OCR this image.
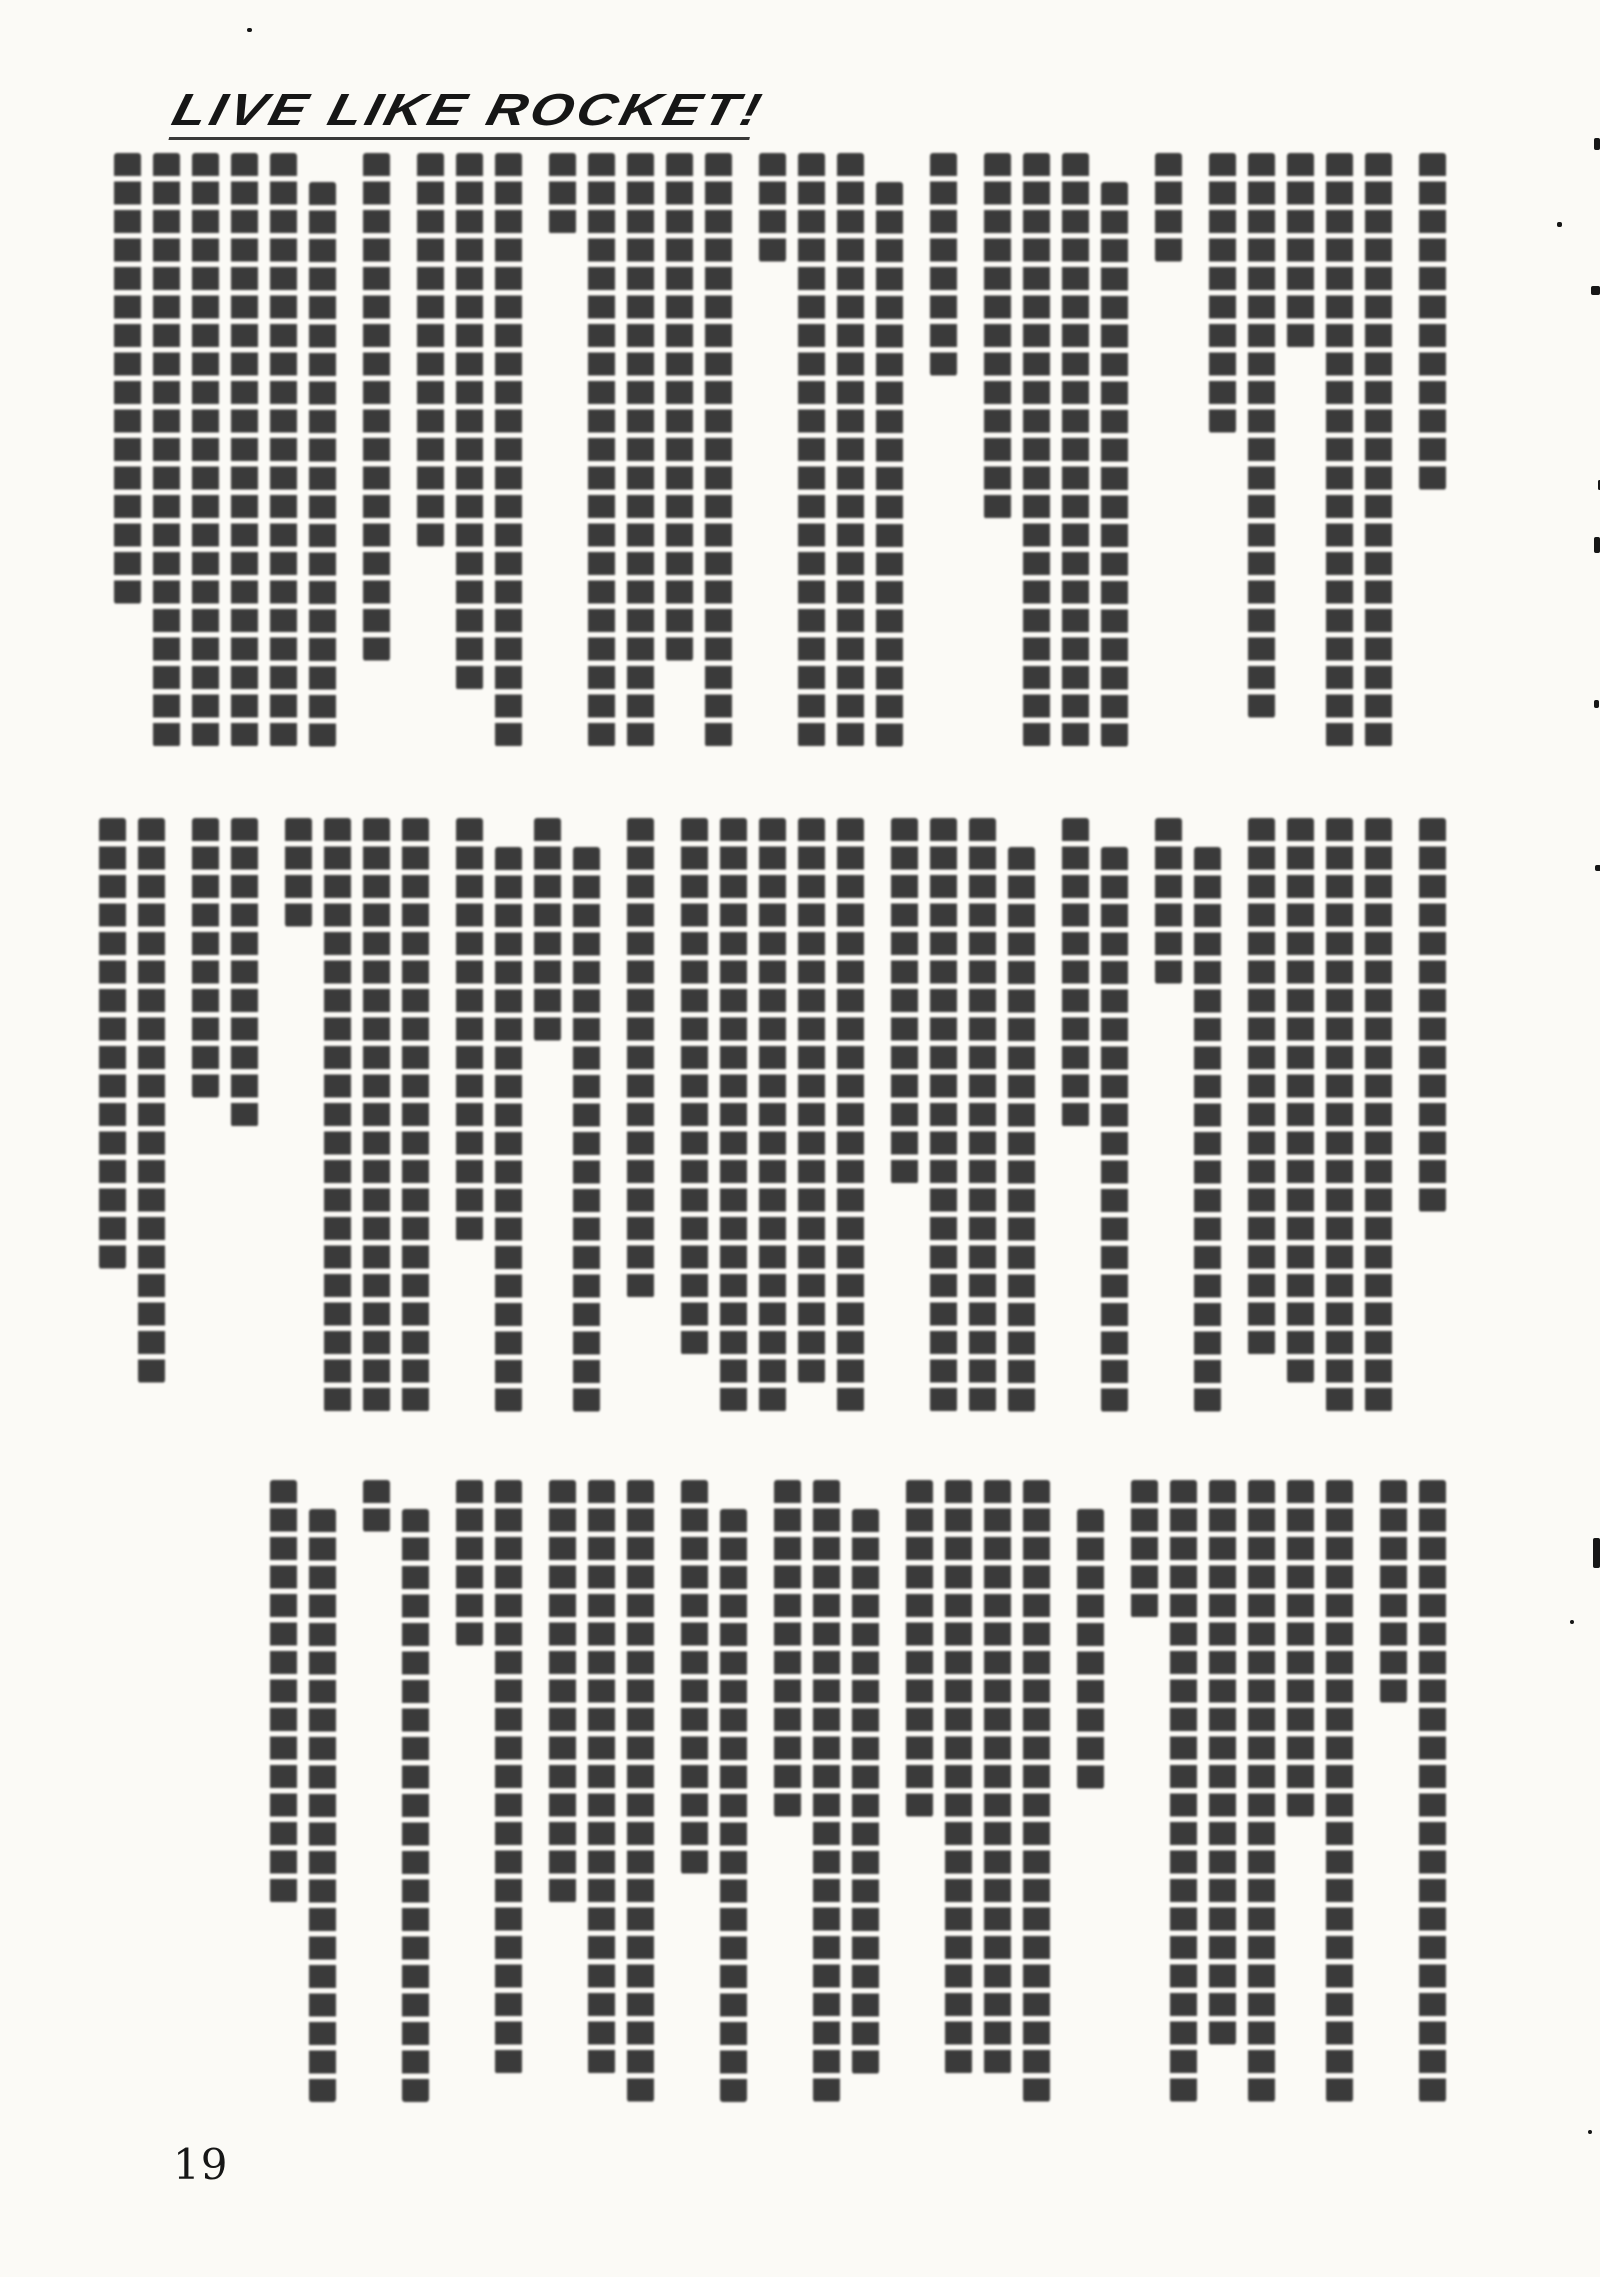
LIVE LIKE ROCKET!
19
